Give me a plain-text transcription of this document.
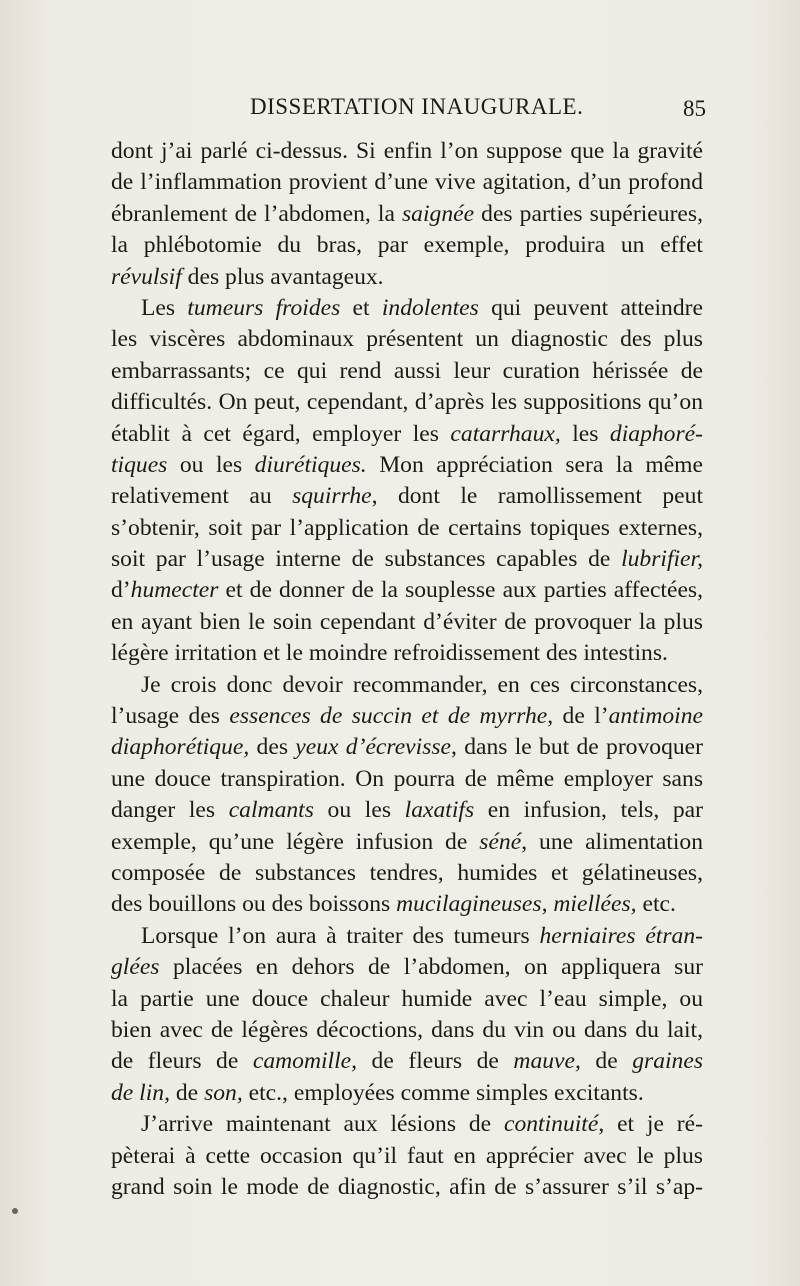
DISSERTATION INAUGURALE.	85
dont j’ai parlé ci-dessus. Si enfin l’on suppose que la gravité
de l’inflammation provient d’une vive agitation, d’un profond
ébranlement de l’abdomen, la saignée des parties supérieures,
la phlébotomie du bras, par exemple, produira un effet
révulsif des plus avantageux.
Les tumeurs froides et indolentes qui peuvent atteindre
les viscères abdominaux présentent un diagnostic des plus
embarrassants; ce qui rend aussi leur curation hérissée de
difficultés. On peut, cependant, d’après les suppositions qu’on
établit à cet égard, employer les catarrhaux, les diaphoré-
tiques ou les diurétiques. Mon appréciation sera la même
relativement au squirrhe, dont le ramollissement peut
s’obtenir, soit par l’application de certains topiques externes,
soit par l’usage interne de substances capables de lubrifier,
d’humecter et de donner de la souplesse aux parties affectées,
en ayant bien le soin cependant d’éviter de provoquer la plus
légère irritation et le moindre refroidissement des intestins.
Je crois donc devoir recommander, en ces circonstances,
l’usage des essences de succin et de myrrhe, de l’antimoine
diaphorétique, des yeux d’écrevisse, dans le but de provoquer
une douce transpiration. On pourra de même employer sans
danger les calmants ou les laxatifs en infusion, tels, par
exemple, qu’une légère infusion de séné, une alimentation
composée de substances tendres, humides et gélatineuses,
des bouillons ou des boissons mucilagineuses, miellées, etc.
Lorsque l’on aura à traiter des tumeurs herniaires étran-
glées placées en dehors de l’abdomen, on appliquera sur
la partie une douce chaleur humide avec l’eau simple, ou
bien avec de légères décoctions, dans du vin ou dans du lait,
de fleurs de camomille, de fleurs de mauve, de graines
de lin, de son, etc., employées comme simples excitants.
J’arrive maintenant aux lésions de continuité, et je ré-
pèterai à cette occasion qu’il faut en apprécier avec le plus
grand soin le mode de diagnostic, afin de s’assurer s’il s’ap-
